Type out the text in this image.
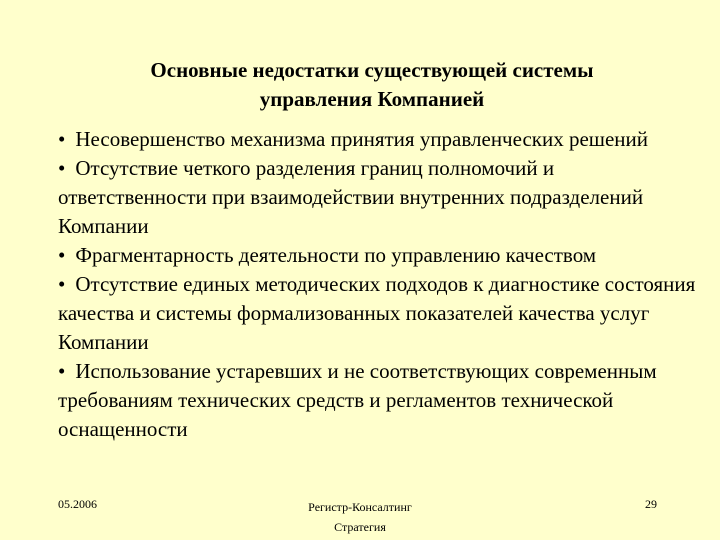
Основные недостатки существующей системы
управления Компанией
• Несовершенство механизма принятия управленческих решений
• Отсутствие четкого разделения границ полномочий и ответственности при взаимодействии внутренних подразделений Компании
• Фрагментарность деятельности по управлению качеством
• Отсутствие единых методических подходов к диагностике состояния качества и системы формализованных показателей качества услуг Компании
• Использование устаревших и не соответствующих современным требованиям технических средств и регламентов технической оснащенности
05.2006	Регистр-Консалтинг
Стратегия
29
